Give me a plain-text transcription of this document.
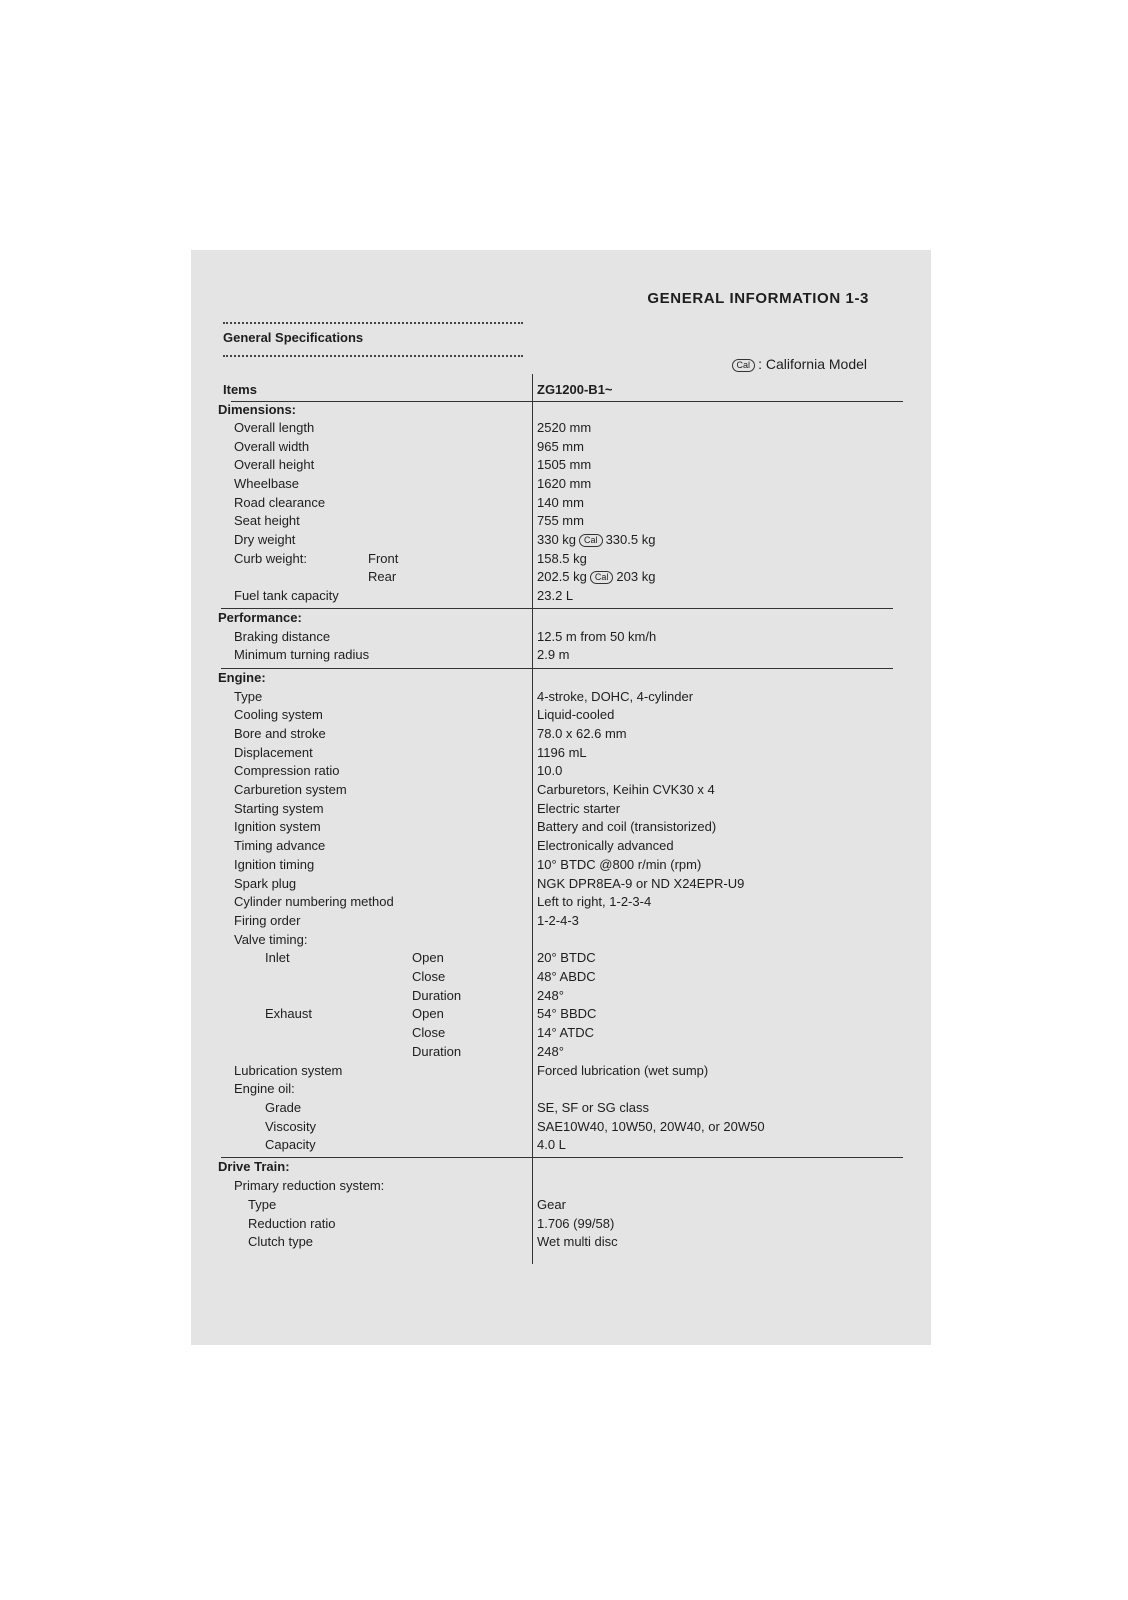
GENERAL INFORMATION 1-3
General Specifications
Cal : California Model
Items	ZG1200-B1~
Dimensions:
Overall length	2520 mm
Overall width	965 mm
Overall height	1505 mm
Wheelbase	1620 mm
Road clearance	140 mm
Seat height	755 mm
Dry weight	330 kg Cal 330.5 kg
Curb weight:	Front	158.5 kg
Rear	202.5 kg Cal 203 kg
Fuel tank capacity	23.2 L
Performance:
Braking distance	12.5 m from 50 km/h
Minimum turning radius	2.9 m
Engine:
Type	4-stroke, DOHC, 4-cylinder
Cooling system	Liquid-cooled
Bore and stroke	78.0 x 62.6 mm
Displacement	1196 mL
Compression ratio	10.0
Carburetion system	Carburetors, Keihin CVK30 x 4
Starting system	Electric starter
Ignition system	Battery and coil (transistorized)
Timing advance	Electronically advanced
Ignition timing	10° BTDC @800 r/min (rpm)
Spark plug	NGK DPR8EA-9 or ND X24EPR-U9
Cylinder numbering method	Left to right, 1-2-3-4
Firing order	1-2-4-3
Valve timing:
Inlet	Open	20° BTDC
Close	48° ABDC
Duration	248°
Exhaust	Open	54° BBDC
Close	14° ATDC
Duration	248°
Lubrication system	Forced lubrication (wet sump)
Engine oil:
Grade	SE, SF or SG class
Viscosity	SAE10W40, 10W50, 20W40, or 20W50
Capacity	4.0 L
Drive Train:
Primary reduction system:
Type	Gear
Reduction ratio	1.706 (99/58)
Clutch type	Wet multi disc
